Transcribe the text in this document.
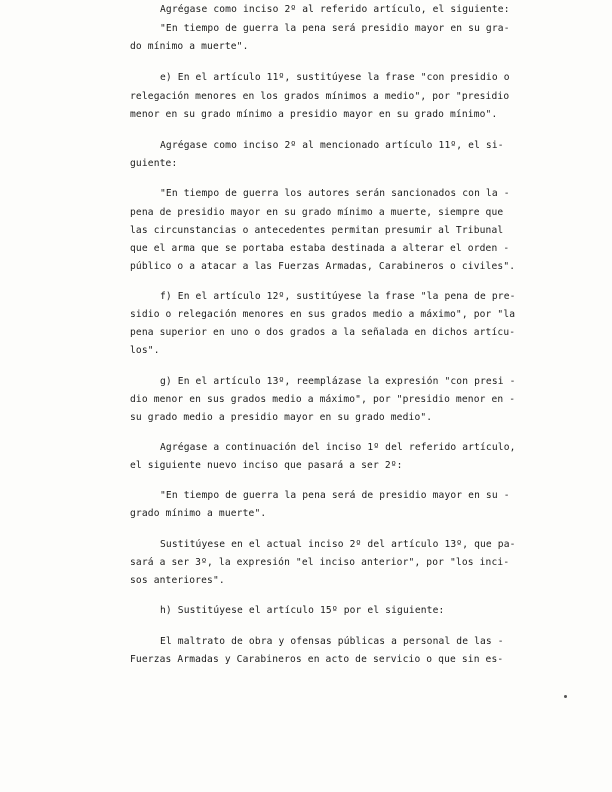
Agrégase como inciso 2º al referido artículo, el siguiente:
"En tiempo de guerra la pena será presidio mayor en su gra-
do mínimo a muerte".
e) En el artículo 11º, sustitúyese la frase "con presidio o
relegación menores en los grados mínimos a medio", por "presidio
menor en su grado mínimo a presidio mayor en su grado mínimo".
Agrégase como inciso 2º al mencionado artículo 11º, el si-
guiente:
"En tiempo de guerra los autores serán sancionados con la -
pena de presidio mayor en su grado mínimo a muerte, siempre que
las circunstancias o antecedentes permitan presumir al Tribunal
que el arma que se portaba estaba destinada a alterar el orden -
público o a atacar a las Fuerzas Armadas, Carabineros o civiles".
f) En el artículo 12º, sustitúyese la frase "la pena de pre-
sidio o relegación menores en sus grados medio a máximo", por "la
pena superior en uno o dos grados a la señalada en dichos artícu-
los".
g) En el artículo 13º, reemplázase la expresión "con presi -
dio menor en sus grados medio a máximo", por "presidio menor en -
su grado medio a presidio mayor en su grado medio".
Agrégase a continuación del inciso 1º del referido artículo,
el siguiente nuevo inciso que pasará a ser 2º:
"En tiempo de guerra la pena será de presidio mayor en su -
grado mínimo a muerte".
Sustitúyese en el actual inciso 2º del artículo 13º, que pa-
sará a ser 3º, la expresión "el inciso anterior", por "los inci-
sos anteriores".
h) Sustitúyese el artículo 15º por el siguiente:
El maltrato de obra y ofensas públicas a personal de las -
Fuerzas Armadas y Carabineros en acto de servicio o que sin es-
